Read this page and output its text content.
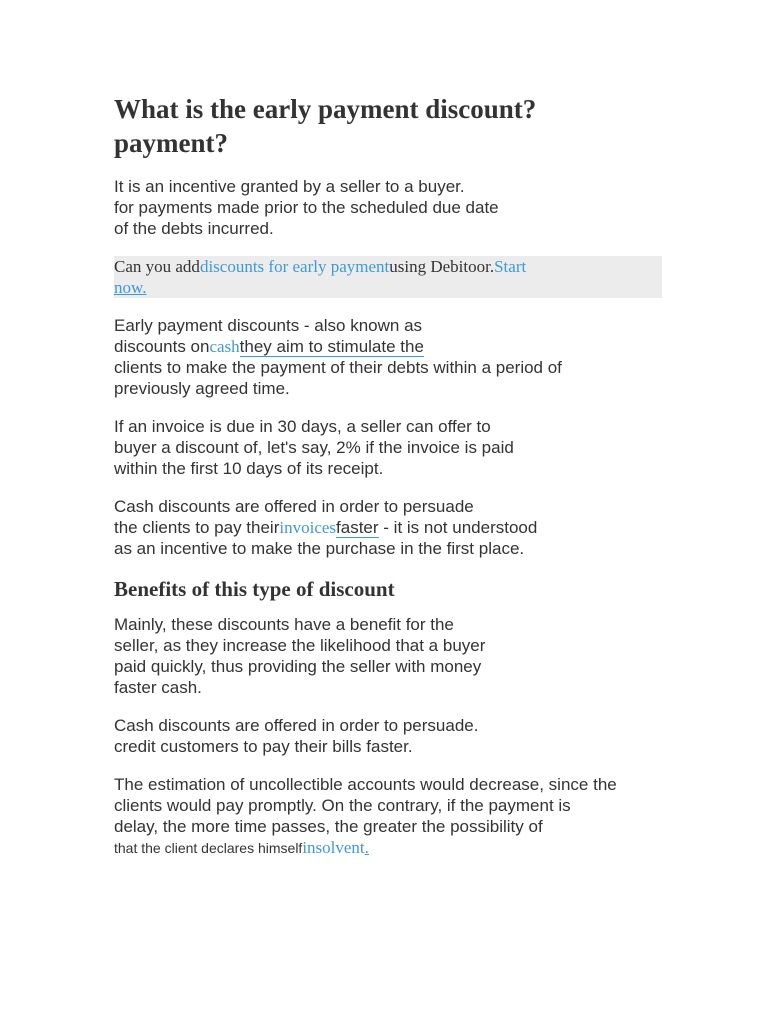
What is the early payment discount?
payment?

It is an incentive granted by a seller to a buyer.
for payments made prior to the scheduled due date
of the debts incurred.

Can you adddiscounts for early paymentusing Debitoor.Start
now.

Early payment discounts - also known as
discounts oncashthey aim to stimulate the
clients to make the payment of their debts within a period of
previously agreed time.

If an invoice is due in 30 days, a seller can offer to
buyer a discount of, let's say, 2% if the invoice is paid
within the first 10 days of its receipt.

Cash discounts are offered in order to persuade
the clients to pay theirinvoicesfaster - it is not understood
as an incentive to make the purchase in the first place.

Benefits of this type of discount

Mainly, these discounts have a benefit for the
seller, as they increase the likelihood that a buyer
paid quickly, thus providing the seller with money
faster cash.

Cash discounts are offered in order to persuade.
credit customers to pay their bills faster.

The estimation of uncollectible accounts would decrease, since the
clients would pay promptly. On the contrary, if the payment is
delay, the more time passes, the greater the possibility of
that the client declares himselfinsolvent.
